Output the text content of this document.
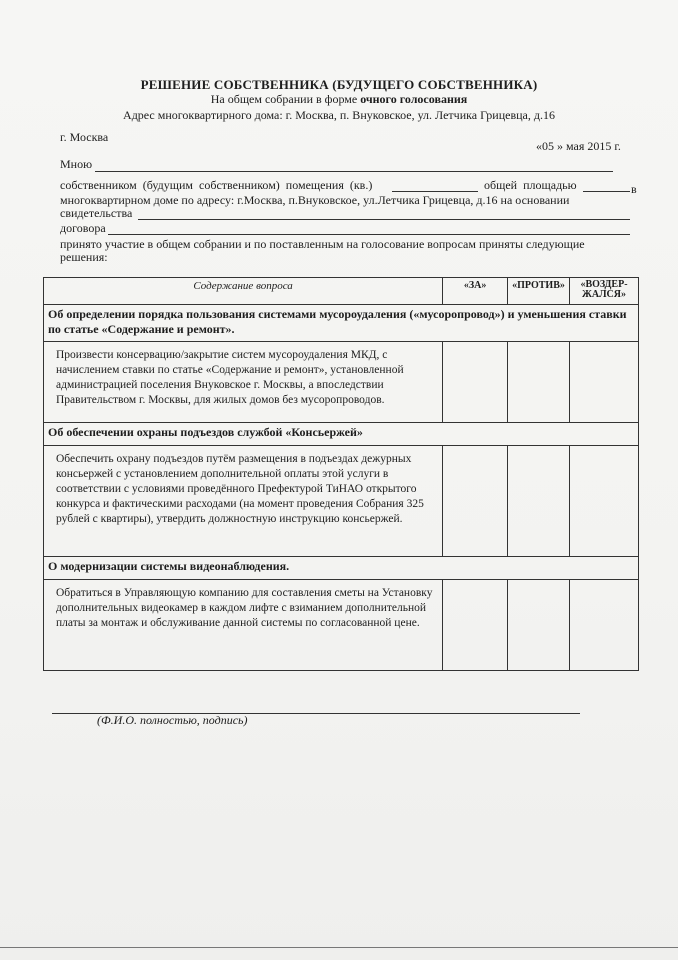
РЕШЕНИЕ СОБСТВЕННИКА (БУДУЩЕГО СОБСТВЕННИКА)
На общем собрании в форме очного голосования
Адрес многоквартирного дома: г. Москва, п. Внуковское, ул. Летчика Грицевца, д.16
г. Москва
«05 » мая 2015 г.
Мною
собственником (будущим собственником) помещения (кв.)	общей площадью	в
многоквартирном доме по адресу: г.Москва, п.Внуковское, ул.Летчика Грицевца, д.16 на основании
свидетельства
договора
принято участие в общем собрании и по поставленным на голосование вопросам приняты следующие
решения:
Содержание вопроса	«ЗА»	«ПРОТИВ»	«ВОЗДЕР-
ЖАЛСЯ»
Об определении порядка пользования системами мусороудаления («мусоропровод») и уменьшения ставки по статье «Содержание и ремонт».			
Произвести консервацию/закрытие систем мусороудаления МКД, с начислением ставки по статье «Содержание и ремонт», установленной администрацией поселения Внуковское г. Москвы, а впоследствии Правительством г. Москвы, для жилых домов без мусоропроводов.			
Об обеспечении охраны подъездов службой «Консьержей»			
Обеспечить охрану подъездов путём размещения в подъездах дежурных консьержей с установлением дополнительной оплаты этой услуги в соответствии с условиями проведённого Префектурой ТиНАО открытого конкурса и фактическими расходами (на момент проведения Собрания 325 рублей с квартиры), утвердить должностную инструкцию консьержей.			
О модернизации системы видеонаблюдения.			
Обратиться в Управляющую компанию для составления сметы на Установку дополнительных видеокамер в каждом лифте с взиманием дополнительной платы за монтаж и обслуживание данной системы по согласованной цене.			
(Ф.И.О. полностью, подпись)
